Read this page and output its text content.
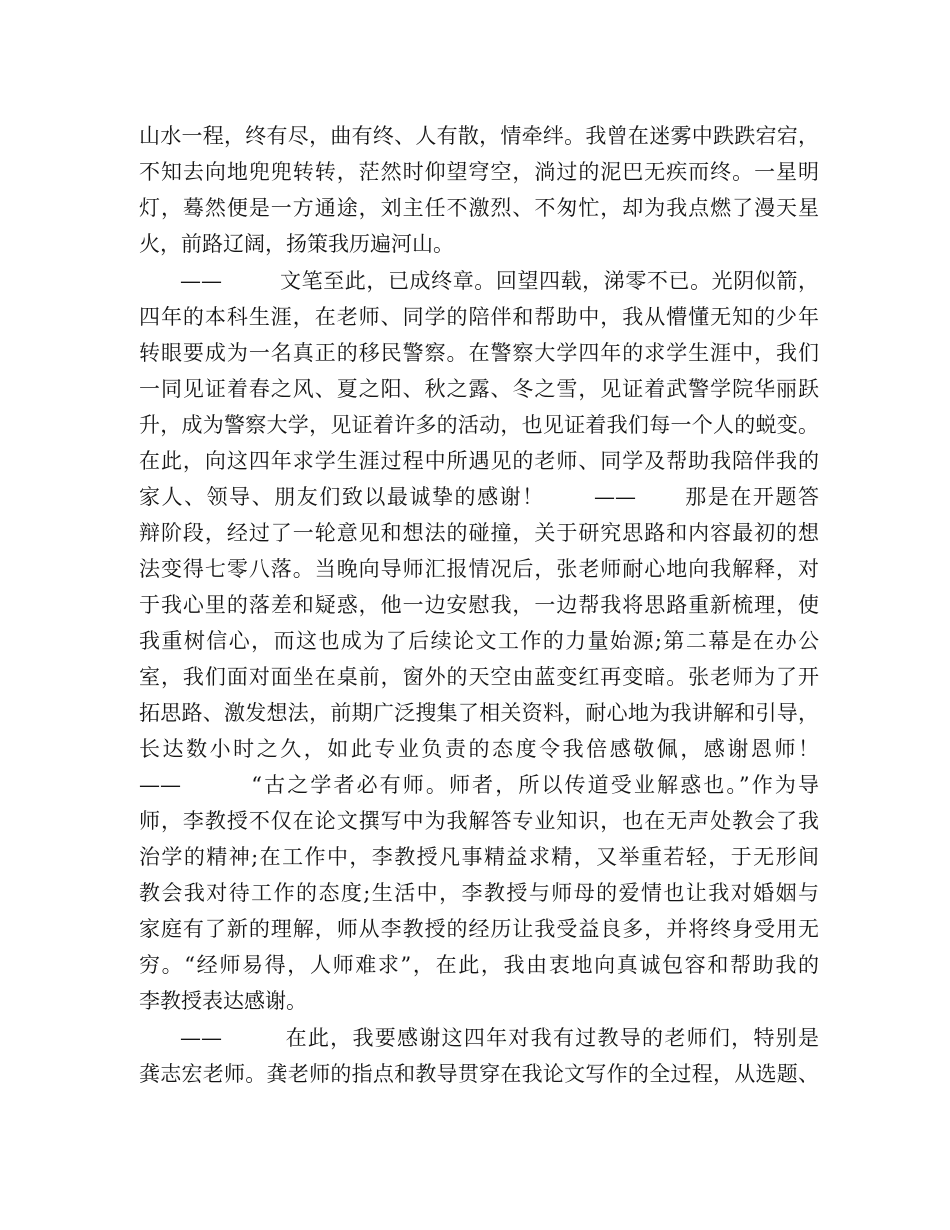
山水一程，终有尽，曲有终、人有散，情牵绊。我曾在迷雾中跌跌宕宕，
不知去向地兜兜转转，茫然时仰望穹空，淌过的泥巴无疾而终。一星明
灯，蓦然便是一方通途，刘主任不激烈、不匆忙，却为我点燃了漫天星
火，前路辽阔，扬策我历遍河山。
——        文笔至此，已成终章。回望四载，涕零不已。光阴似箭，
四年的本科生涯，在老师、同学的陪伴和帮助中，我从懵懂无知的少年
转眼要成为一名真正的移民警察。在警察大学四年的求学生涯中，我们
一同见证着春之风、夏之阳、秋之露、冬之雪，见证着武警学院华丽跃
升，成为警察大学，见证着许多的活动，也见证着我们每一个人的蜕变。
在此，向这四年求学生涯过程中所遇见的老师、同学及帮助我陪伴我的
家人、领导、朋友们致以最诚挚的感谢！      ——      那是在开题答
辩阶段，经过了一轮意见和想法的碰撞，关于研究思路和内容最初的想
法变得七零八落。当晚向导师汇报情况后，张老师耐心地向我解释，对
于我心里的落差和疑惑，他一边安慰我，一边帮我将思路重新梳理，使
我重树信心，而这也成为了后续论文工作的力量始源;第二幕是在办公
室，我们面对面坐在桌前，窗外的天空由蓝变红再变暗。张老师为了开
拓思路、激发想法，前期广泛搜集了相关资料，耐心地为我讲解和引导，
长达数小时之久，如此专业负责的态度令我倍感敬佩，感谢恩师！
——        “古之学者必有师。师者，所以传道受业解惑也。”作为导
师，李教授不仅在论文撰写中为我解答专业知识，也在无声处教会了我
治学的精神;在工作中，李教授凡事精益求精，又举重若轻，于无形间
教会我对待工作的态度;生活中，李教授与师母的爱情也让我对婚姻与
家庭有了新的理解，师从李教授的经历让我受益良多，并将终身受用无
穷。“经师易得，人师难求”，在此，我由衷地向真诚包容和帮助我的
李教授表达感谢。
——        在此，我要感谢这四年对我有过教导的老师们，特别是
龚志宏老师。龚老师的指点和教导贯穿在我论文写作的全过程，从选题、
